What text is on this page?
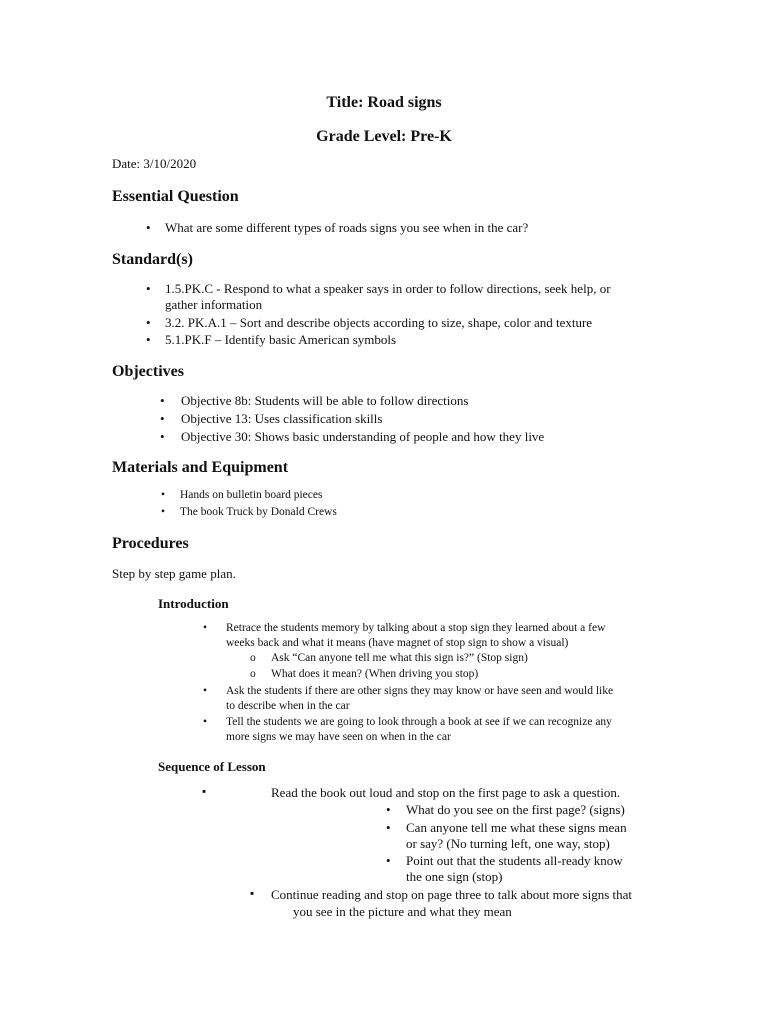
Title: Road signs
Grade Level: Pre-K
Date: 3/10/2020
Essential Question
• What are some different types of roads signs you see when in the car?
Standard(s)
• 1.5.PK.C - Respond to what a speaker says in order to follow directions, seek help, or
gather information
• 3.2. PK.A.1 – Sort and describe objects according to size, shape, color and texture
• 5.1.PK.F – Identify basic American symbols
Objectives
• Objective 8b: Students will be able to follow directions
• Objective 13: Uses classification skills
• Objective 30: Shows basic understanding of people and how they live
Materials and Equipment
• Hands on bulletin board pieces
• The book Truck by Donald Crews
Procedures
Step by step game plan.
Introduction
• Retrace the students memory by talking about a stop sign they learned about a few
weeks back and what it means (have magnet of stop sign to show a visual)
o Ask “Can anyone tell me what this sign is?” (Stop sign)
o What does it mean? (When driving you stop)
• Ask the students if there are other signs they may know or have seen and would like
to describe when in the car
• Tell the students we are going to look through a book at see if we can recognize any
more signs we may have seen on when in the car
Sequence of Lesson
▪	Read the book out loud and stop on the first page to ask a question.
• What do you see on the first page? (signs)
• Can anyone tell me what these signs mean
or say? (No turning left, one way, stop)
• Point out that the students all-ready know
the one sign (stop)
▪ Continue reading and stop on page three to talk about more signs that
you see in the picture and what they mean
